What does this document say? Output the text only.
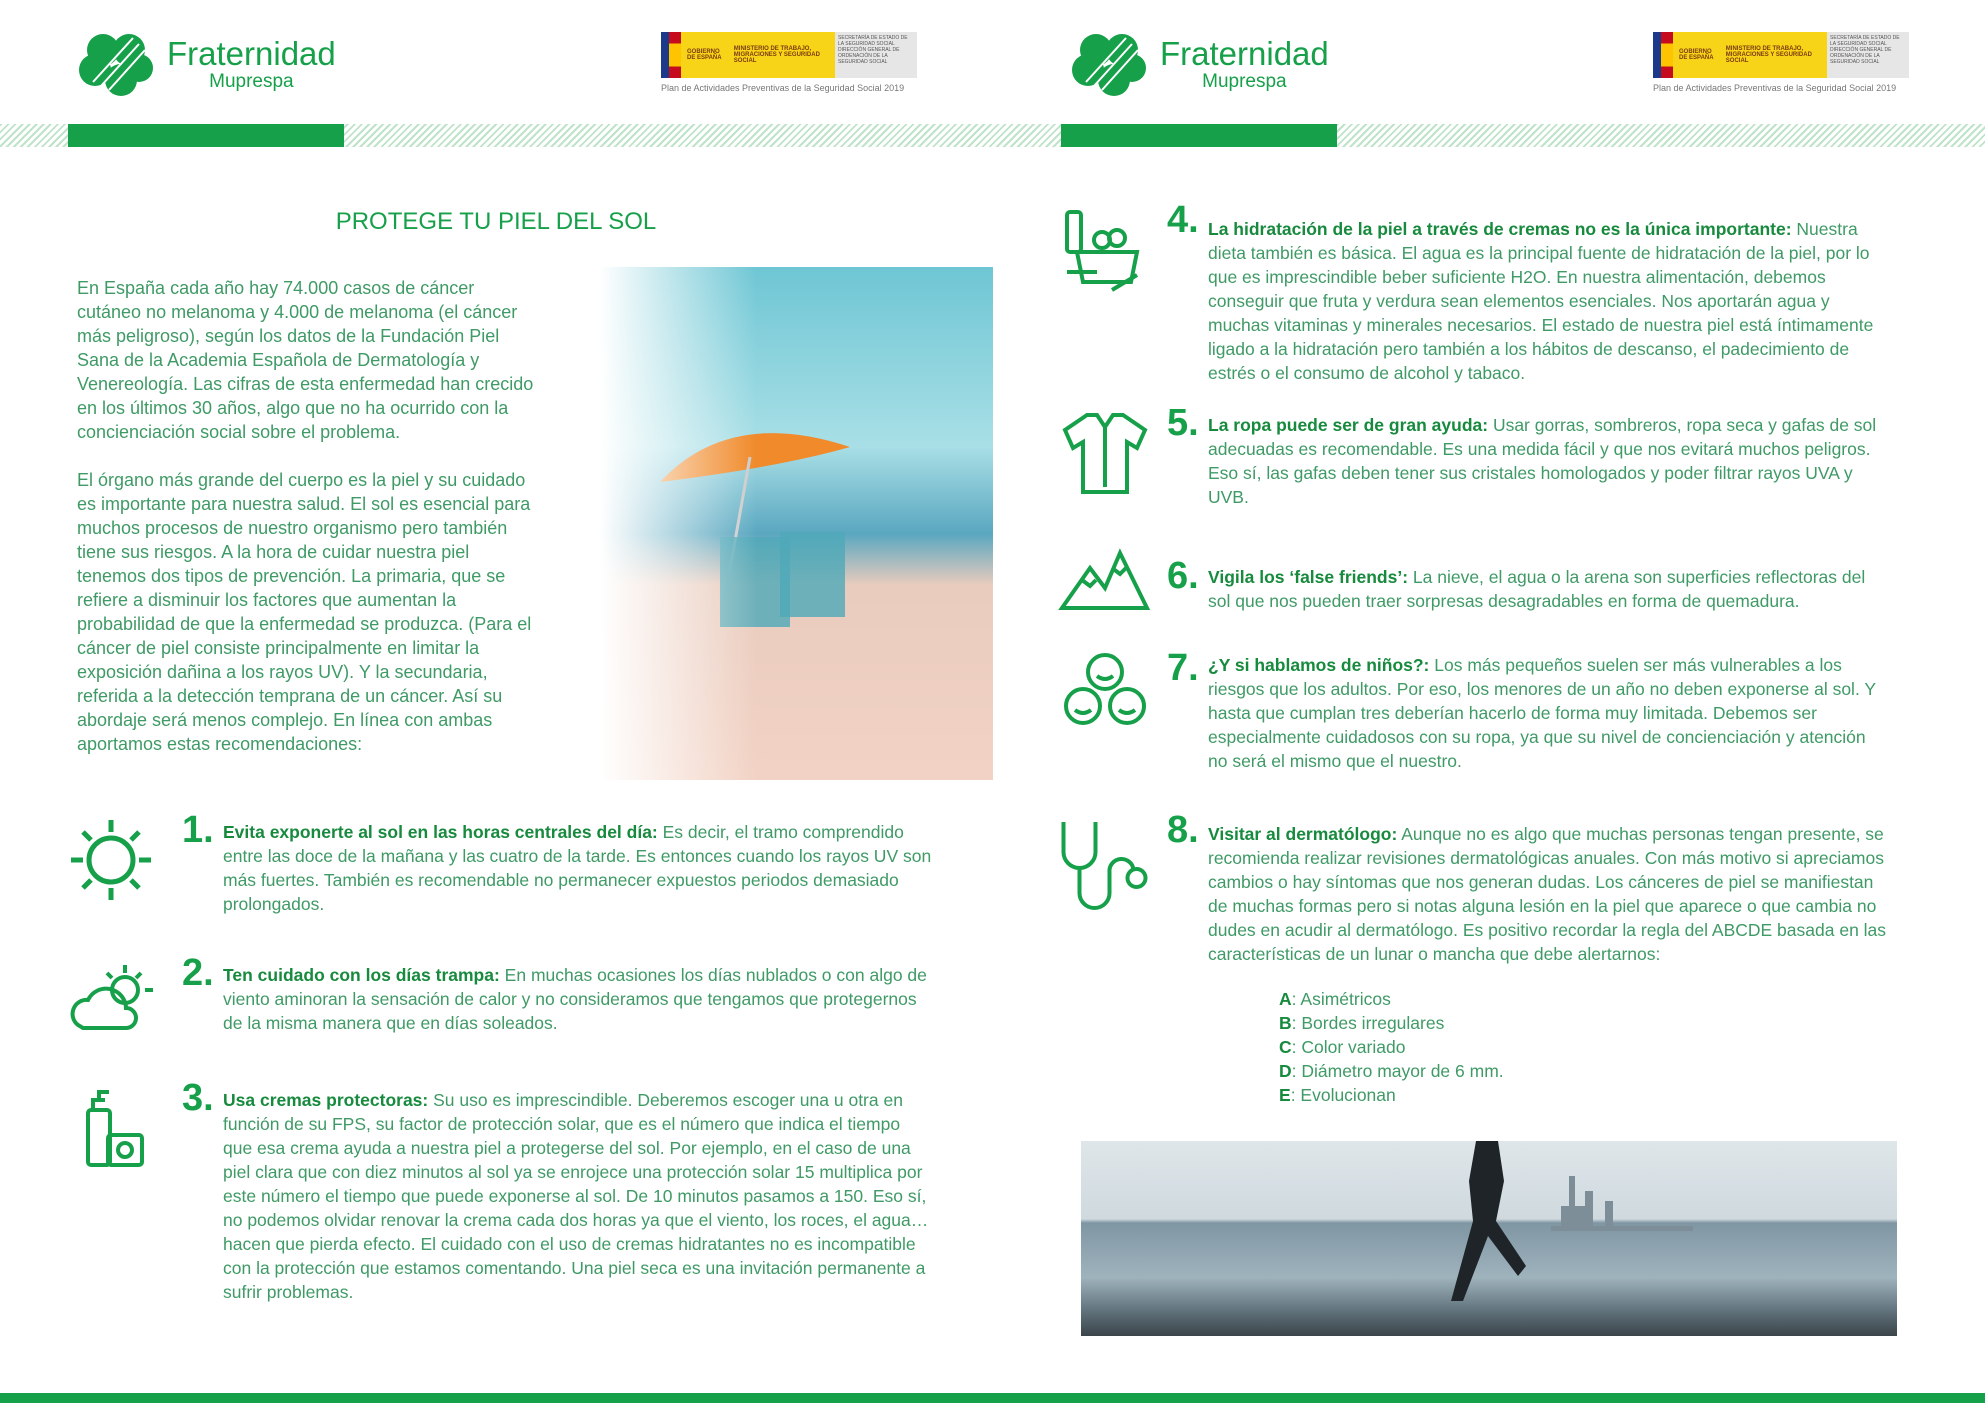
Fraternidad
Muprespa
Fraternidad
Muprespa
GOBIERNO DE ESPAÑA
MINISTERIO DE TRABAJO, MIGRACIONES Y SEGURIDAD SOCIAL
SECRETARÍA DE ESTADO DE LA SEGURIDAD SOCIAL
DIRECCIÓN GENERAL DE ORDENACIÓN DE LA SEGURIDAD SOCIAL
Plan de Actividades Preventivas de la Seguridad Social 2019
GOBIERNO DE ESPAÑA
MINISTERIO DE TRABAJO, MIGRACIONES Y SEGURIDAD SOCIAL
SECRETARÍA DE ESTADO DE LA SEGURIDAD SOCIAL
DIRECCIÓN GENERAL DE ORDENACIÓN DE LA SEGURIDAD SOCIAL
Plan de Actividades Preventivas de la Seguridad Social 2019
PROTEGE TU PIEL DEL SOL

En España cada año hay 74.000 casos de cáncer cutáneo no melanoma y 4.000 de melanoma (el cáncer más peligroso), según los datos de la Fundación Piel Sana de la Academia Española de Dermatología y Venereología. Las cifras de esta enfermedad han crecido en los últimos 30 años, algo que no ha ocurrido con la concienciación social sobre el problema.

El órgano más grande del cuerpo es la piel y su cuidado es importante para nuestra salud. El sol es esencial para muchos procesos de nuestro organismo pero también tiene sus riesgos. A la hora de cuidar nuestra piel tenemos dos tipos de prevención. La primaria, que se refiere a disminuir los factores que aumentan la probabilidad de que la enfermedad se produzca. (Para el cáncer de piel consiste principalmente en limitar la exposición dañina a los rayos UV). Y la secundaria, referida a la detección temprana de un cáncer. Así su abordaje será menos complejo. En línea con ambas aportamos estas recomendaciones:

1. Evita exponerte al sol en las horas centrales del día: Es decir, el tramo comprendido entre las doce de la mañana y las cuatro de la tarde. Es entonces cuando los rayos UV son más fuertes. También es recomendable no permanecer expuestos periodos demasiado prolongados.
2. Ten cuidado con los días trampa: En muchas ocasiones los días nublados o con algo de viento aminoran la sensación de calor y no consideramos que tengamos que protegernos de la misma manera que en días soleados.
3. Usa cremas protectoras: Su uso es imprescindible. Deberemos escoger una u otra en función de su FPS, su factor de protección solar, que es el número que indica el tiempo que esa crema ayuda a nuestra piel a protegerse del sol. Por ejemplo, en el caso de una piel clara que con diez minutos al sol ya se enrojece una protección solar 15 multiplica por este número el tiempo que puede exponerse al sol. De 10 minutos pasamos a 150. Eso sí, no podemos olvidar renovar la crema cada dos horas ya que el viento, los roces, el agua… hacen que pierda efecto. El cuidado con el uso de cremas hidratantes no es incompatible con la protección que estamos comentando. Una piel seca es una invitación permanente a sufrir problemas.
4. La hidratación de la piel a través de cremas no es la única importante: Nuestra dieta también es básica. El agua es la principal fuente de hidratación de la piel, por lo que es imprescindible beber suficiente H2O. En nuestra alimentación, debemos conseguir que fruta y verdura sean elementos esenciales. Nos aportarán agua y muchas vitaminas y minerales necesarios. El estado de nuestra piel está íntimamente ligado a la hidratación pero también a los hábitos de descanso, el padecimiento de estrés o el consumo de alcohol y tabaco.
5. La ropa puede ser de gran ayuda: Usar gorras, sombreros, ropa seca y gafas de sol adecuadas es recomendable. Es una medida fácil y que nos evitará muchos peligros. Eso sí, las gafas deben tener sus cristales homologados y poder filtrar rayos UVA y UVB.
6. Vigila los ‘false friends’: La nieve, el agua o la arena son superficies reflectoras del sol que nos pueden traer sorpresas desagradables en forma de quemadura.
7. ¿Y si hablamos de niños?: Los más pequeños suelen ser más vulnerables a los riesgos que los adultos. Por eso, los menores de un año no deben exponerse al sol. Y hasta que cumplan tres deberían hacerlo de forma muy limitada. Debemos ser especialmente cuidadosos con su ropa, ya que su nivel de concienciación y atención no será el mismo que el nuestro.
8. Visitar al dermatólogo: Aunque no es algo que muchas personas tengan presente, se recomienda realizar revisiones dermatológicas anuales. Con más motivo si apreciamos cambios o hay síntomas que nos generan dudas. Los cánceres de piel se manifiestan de muchas formas pero si notas alguna lesión en la piel que aparece o que cambia no dudes en acudir al dermatólogo. Es positivo recordar la regla del ABCDE basada en las características de un lunar o mancha que debe alertarnos:
A: Asimétricos
B: Bordes irregulares
C: Color variado
D: Diámetro mayor de 6 mm.
E: Evolucionan
